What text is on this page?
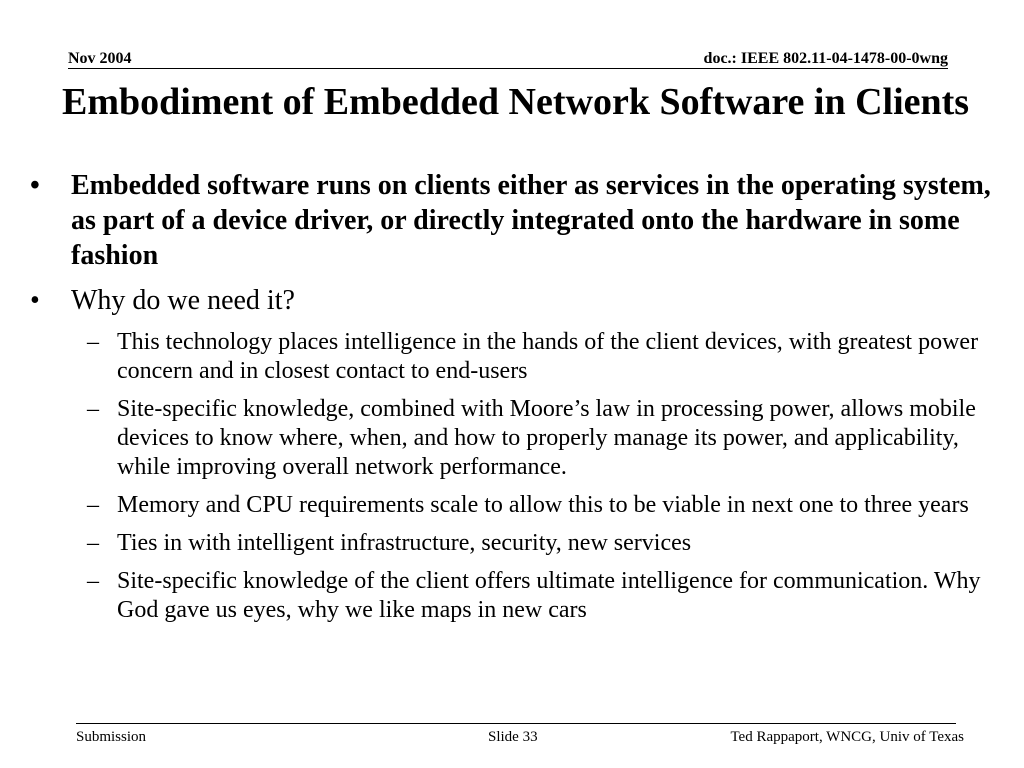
Nov 2004	doc.: IEEE 802.11-04-1478-00-0wng
Embodiment of Embedded Network Software in Clients
•	Embedded software runs on clients either as services in the operating system, as part of a device driver, or directly integrated onto the hardware in some fashion
•	Why do we need it?
– This technology places intelligence in the hands of the client devices, with greatest power concern and in closest contact to end-users
– Site-specific knowledge, combined with Moore’s law in processing power, allows mobile devices to know where, when, and how to properly manage its power, and applicability, while improving overall network performance.
– Memory and CPU requirements scale to allow this to be viable in next one to three years
– Ties in with intelligent infrastructure, security, new services
– Site-specific knowledge of the client offers ultimate intelligence for communication. Why God gave us eyes, why we like maps in new cars
Submission	Slide 33	Ted Rappaport, WNCG, Univ of Texas
